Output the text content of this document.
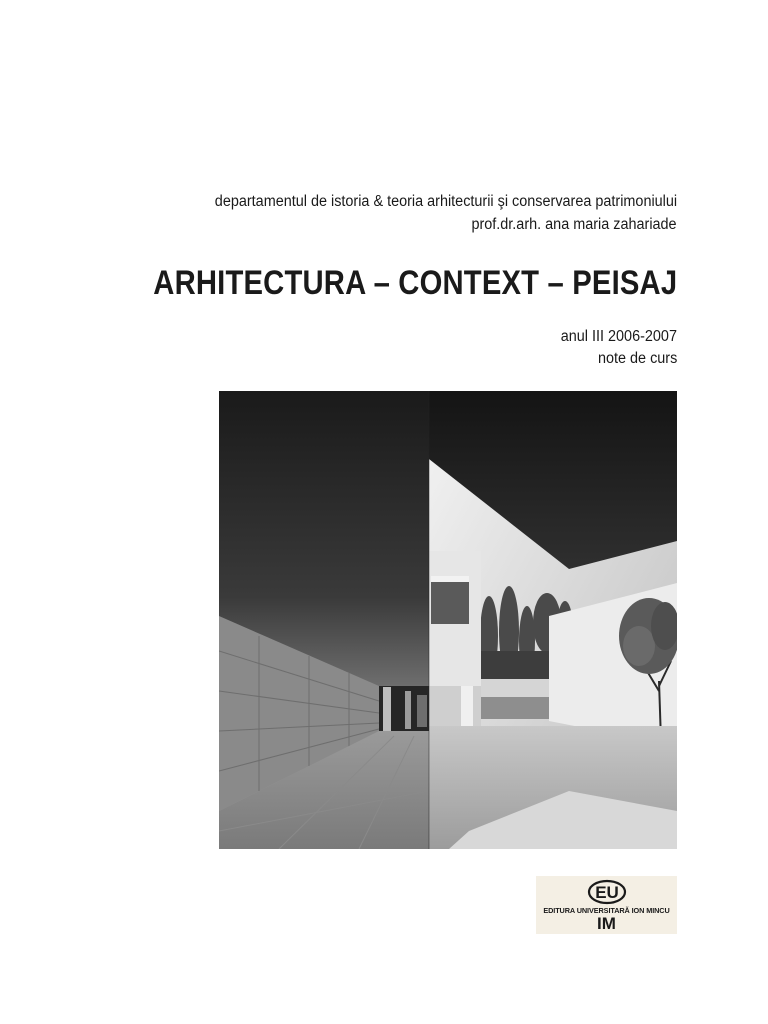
departamentul de istoria & teoria arhitecturii şi conservarea patrimoniului
prof.dr.arh. ana maria zahariade
ARHITECTURA – CONTEXT – PEISAJ
anul III 2006-2007
note de curs
EU
EDITURA UNIVERSITARĂ ION MINCU
IM
